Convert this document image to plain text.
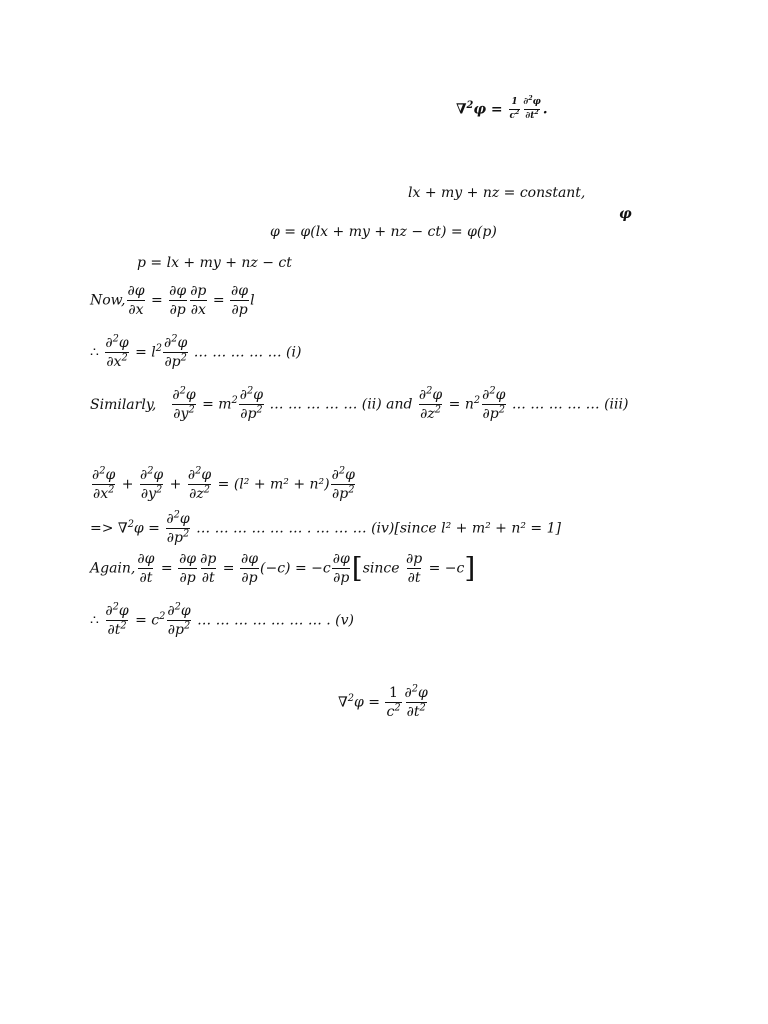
$\nabla^2\varphi = \frac{1}{c^2} \frac{\partial^2\varphi}{\partial t^2}$ .
lx + my + nz = constant,
φ
φ = φ(lx + my + nz − ct) = φ(p)
p = lx + my + nz − ct
Now, $\frac{\partial\varphi}{\partial x} = \frac{\partial\varphi}{\partial p} \frac{\partial p}{\partial x} = \frac{\partial\varphi}{\partial p}$ l
∴ $\frac{\partial^2\varphi}{\partial x^2} = l^2 \frac{\partial^2\varphi}{\partial p^2}$ … … … … … (i)
Similarly, $\frac{\partial^2\varphi}{\partial y^2} = m^2 \frac{\partial^2\varphi}{\partial p^2}$ … … … … … (ii) and $\frac{\partial^2\varphi}{\partial z^2} = n^2 \frac{\partial^2\varphi}{\partial p^2}$ … … … … … (iii)
$\frac{\partial^2\varphi}{\partial x^2} + \frac{\partial^2\varphi}{\partial y^2} + \frac{\partial^2\varphi}{\partial z^2} = (l^2 + m^2 + n^2) \frac{\partial^2\varphi}{\partial p^2}$
=> $\nabla^2\varphi = \frac{\partial^2\varphi}{\partial p^2}$ … … … … … … . … … … (iv)[since l² + m² + n² = 1]
Again, $\frac{\partial\varphi}{\partial t} = \frac{\partial\varphi}{\partial p} \frac{\partial p}{\partial t} = \frac{\partial\varphi}{\partial p} (-c) = -c \frac{\partial\varphi}{\partial p}$ [since $\frac{\partial p}{\partial t} = -c$]
∴ $\frac{\partial^2\varphi}{\partial t^2} = c^2 \frac{\partial^2\varphi}{\partial p^2}$ … … … … … … … . (v)
$\nabla^2\varphi = \frac{1}{c^2} \frac{\partial^2\varphi}{\partial t^2}$
